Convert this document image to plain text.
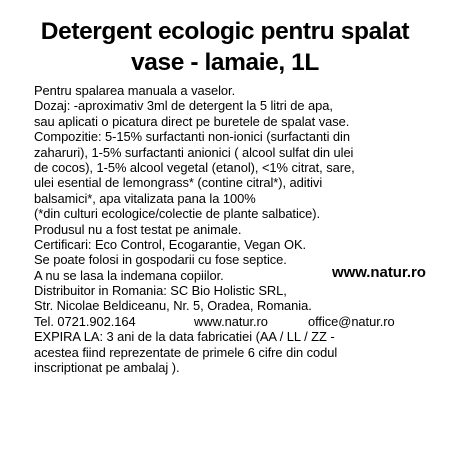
Detergent ecologic pentru spalat
vase - lamaie, 1L
Pentru spalarea manuala a vaselor.
Dozaj: -aproximativ 3ml de detergent la 5 litri de apa,
sau aplicati o picatura direct pe buretele de spalat vase.
Compozitie: 5-15% surfactanti non-ionici (surfactanti din
zaharuri), 1-5% surfactanti anionici ( alcool sulfat din ulei
de cocos), 1-5% alcool vegetal (etanol), <1% citrat, sare,
ulei esential de lemongrass* (contine citral*), aditivi
balsamici*, apa vitalizata pana la 100%
(*din culturi ecologice/colectie de plante salbatice).
Produsul nu a fost testat pe animale.
Certificari: Eco Control, Ecogarantie, Vegan OK.
Se poate folosi in gospodarii cu fose septice.
A nu se lasa la indemana copiilor.	www.natur.ro
Distribuitor in Romania: SC Bio Holistic SRL,
Str. Nicolae Beldiceanu, Nr. 5, Oradea, Romania.
Tel. 0721.902.164	www.natur.ro	office@natur.ro
EXPIRA LA: 3 ani de la data fabricatiei (AA / LL / ZZ -
acestea fiind reprezentate de primele 6 cifre din codul
inscriptionat pe ambalaj ).
